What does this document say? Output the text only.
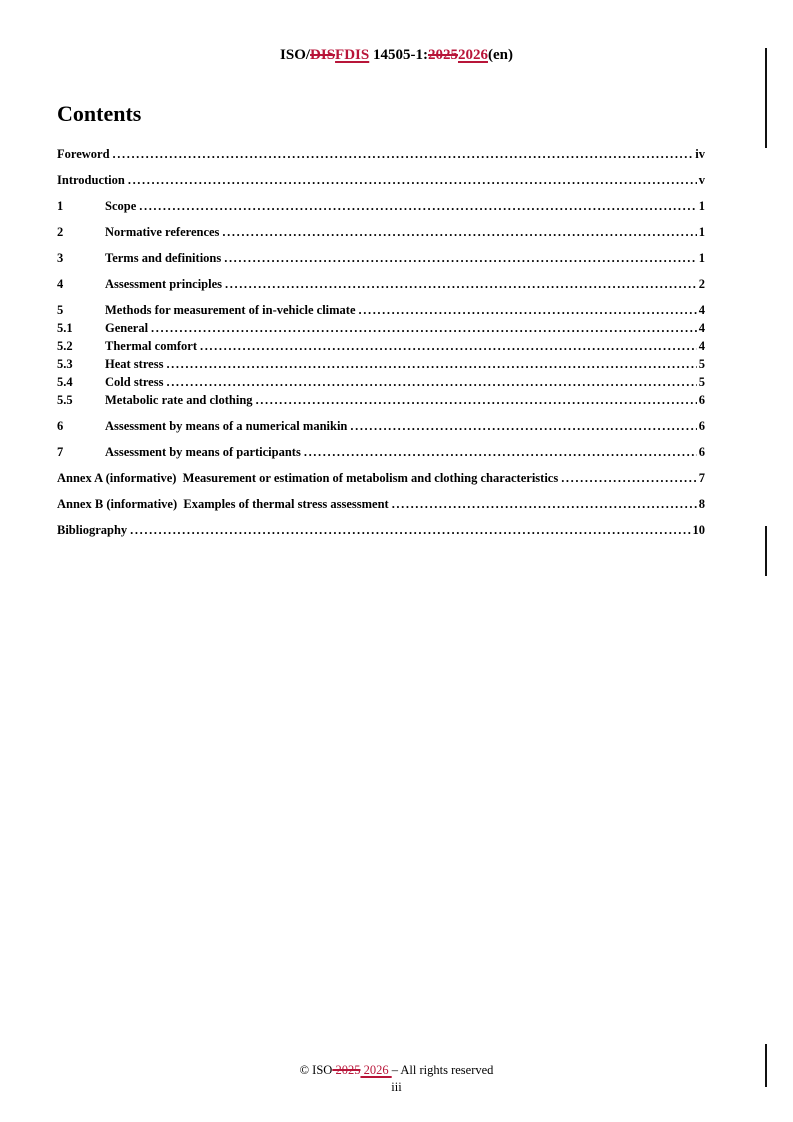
ISO/DISFDIS 14505-1:20252026(en)
Contents
Foreword .....	iv
Introduction .....	v
1	Scope .....	1
2	Normative references .....	1
3	Terms and definitions .....	1
4	Assessment principles .....	2
5	Methods for measurement of in-vehicle climate .....	4
5.1	General .....	4
5.2	Thermal comfort .....	4
5.3	Heat stress .....	5
5.4	Cold stress .....	5
5.5	Metabolic rate and clothing .....	6
6	Assessment by means of a numerical manikin .....	6
7	Assessment by means of participants .....	6
Annex A (informative)  Measurement or estimation of metabolism and clothing characteristics .....	7
Annex B (informative)  Examples of thermal stress assessment .....	8
Bibliography .....	10
© ISO 2025 2026 – All rights reserved
iii
